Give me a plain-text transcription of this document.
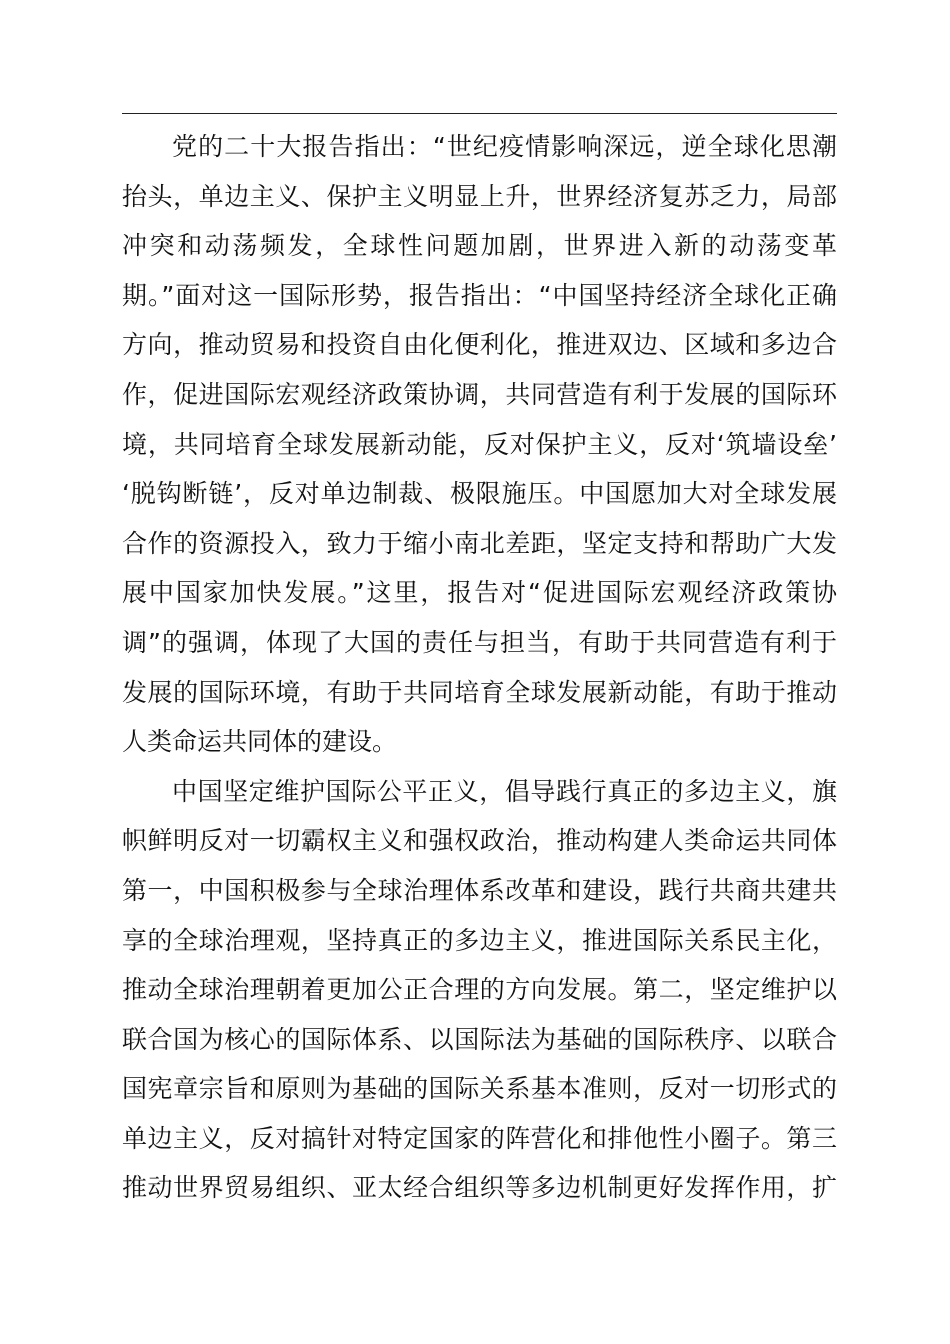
党的二十大报告指出：“世纪疫情影响深远，逆全球化思潮
抬头，单边主义、保护主义明显上升，世界经济复苏乏力，局部
冲突和动荡频发，全球性问题加剧，世界进入新的动荡变革
期。”面对这一国际形势，报告指出：“中国坚持经济全球化正确
方向，推动贸易和投资自由化便利化，推进双边、区域和多边合
作，促进国际宏观经济政策协调，共同营造有利于发展的国际环
境，共同培育全球发展新动能，反对保护主义，反对‘筑墙设垒’
‘脱钩断链’，反对单边制裁、极限施压。中国愿加大对全球发展
合作的资源投入，致力于缩小南北差距，坚定支持和帮助广大发
展中国家加快发展。”这里，报告对“促进国际宏观经济政策协
调”的强调，体现了大国的责任与担当，有助于共同营造有利于
发展的国际环境，有助于共同培育全球发展新动能，有助于推动
人类命运共同体的建设。
中国坚定维护国际公平正义，倡导践行真正的多边主义，旗
帜鲜明反对一切霸权主义和强权政治，推动构建人类命运共同体
第一，中国积极参与全球治理体系改革和建设，践行共商共建共
享的全球治理观，坚持真正的多边主义，推进国际关系民主化，
推动全球治理朝着更加公正合理的方向发展。第二，坚定维护以
联合国为核心的国际体系、以国际法为基础的国际秩序、以联合
国宪章宗旨和原则为基础的国际关系基本准则，反对一切形式的
单边主义，反对搞针对特定国家的阵营化和排他性小圈子。第三
推动世界贸易组织、亚太经合组织等多边机制更好发挥作用，扩
